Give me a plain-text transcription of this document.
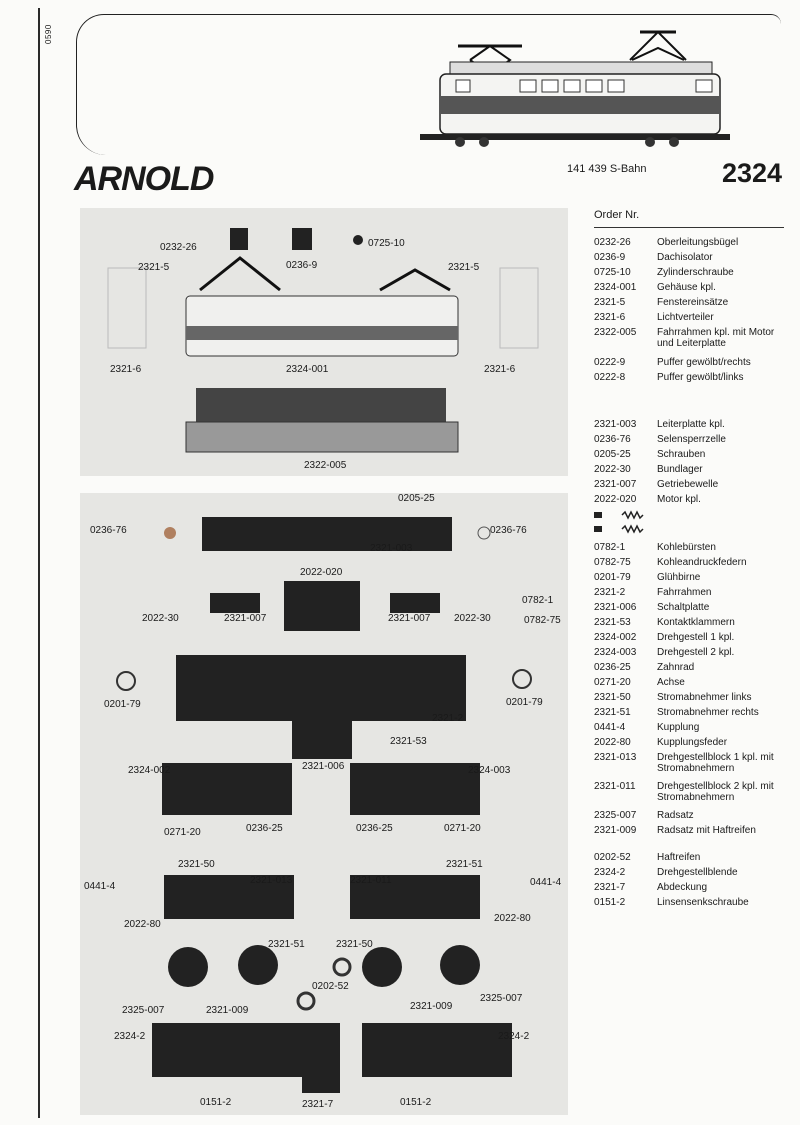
0590
ARNOLD	141 439 S-Bahn	2324
0232-26
0236-9
0725-10
2321-5	2321-5
2324-001
2321-6	2321-6
2322-005
0205-25
0236-76
2321-003
0236-76
2022-020
0782-1
2022-30	2321-007	2321-007 2022-30	0782-75
0201-79
2321-2
0201-79
2321-53
2324-002	2321-006	2324-003
0271-20	0236-25	0236-25	0271-20
2321-50	2321-51
0441-4
2321-013	2321-011	0441-4
2022-80
2022-80
2321-51	2321-50
0202-52
2325-007	2321-009	2321-009
2325-007
2324-2	2324-2
2321-7
0151-2	0151-2
Order Nr.
0232-26	Oberleitungsbügel
0236-9	Dachisolator
0725-10	Zylinderschraube
2324-001	Gehäuse kpl.
2321-5	Fenstereinsätze
2321-6	Lichtverteiler
2322-005	Fahrrahmen kpl. mit Motor und Leiterplatte
0222-9	Puffer gewölbt/rechts
0222-8	Puffer gewölbt/links
2321-003	Leiterplatte kpl.
0236-76	Selensperrzelle
0205-25	Schrauben
2022-30	Bundlager
2321-007	Getriebewelle
2022-020	Motor kpl.
0782-1	Kohlebürsten
0782-75	Kohleandruckfedern
0201-79	Glühbirne
2321-2	Fahrrahmen
2321-006	Schaltplatte
2321-53	Kontaktklammern
2324-002	Drehgestell 1 kpl.
2324-003	Drehgestell 2 kpl.
0236-25	Zahnrad
0271-20	Achse
2321-50	Stromabnehmer links
2321-51	Stromabnehmer rechts
0441-4	Kupplung
2022-80	Kupplungsfeder
2321-013	Drehgestellblock 1 kpl. mit Stromabnehmern
2321-011	Drehgestellblock 2 kpl. mit Stromabnehmern
2325-007	Radsatz
2321-009	Radsatz mit Haftreifen
0202-52	Haftreifen
2324-2	Drehgestellblende
2321-7	Abdeckung
0151-2	Linsensenkschraube
